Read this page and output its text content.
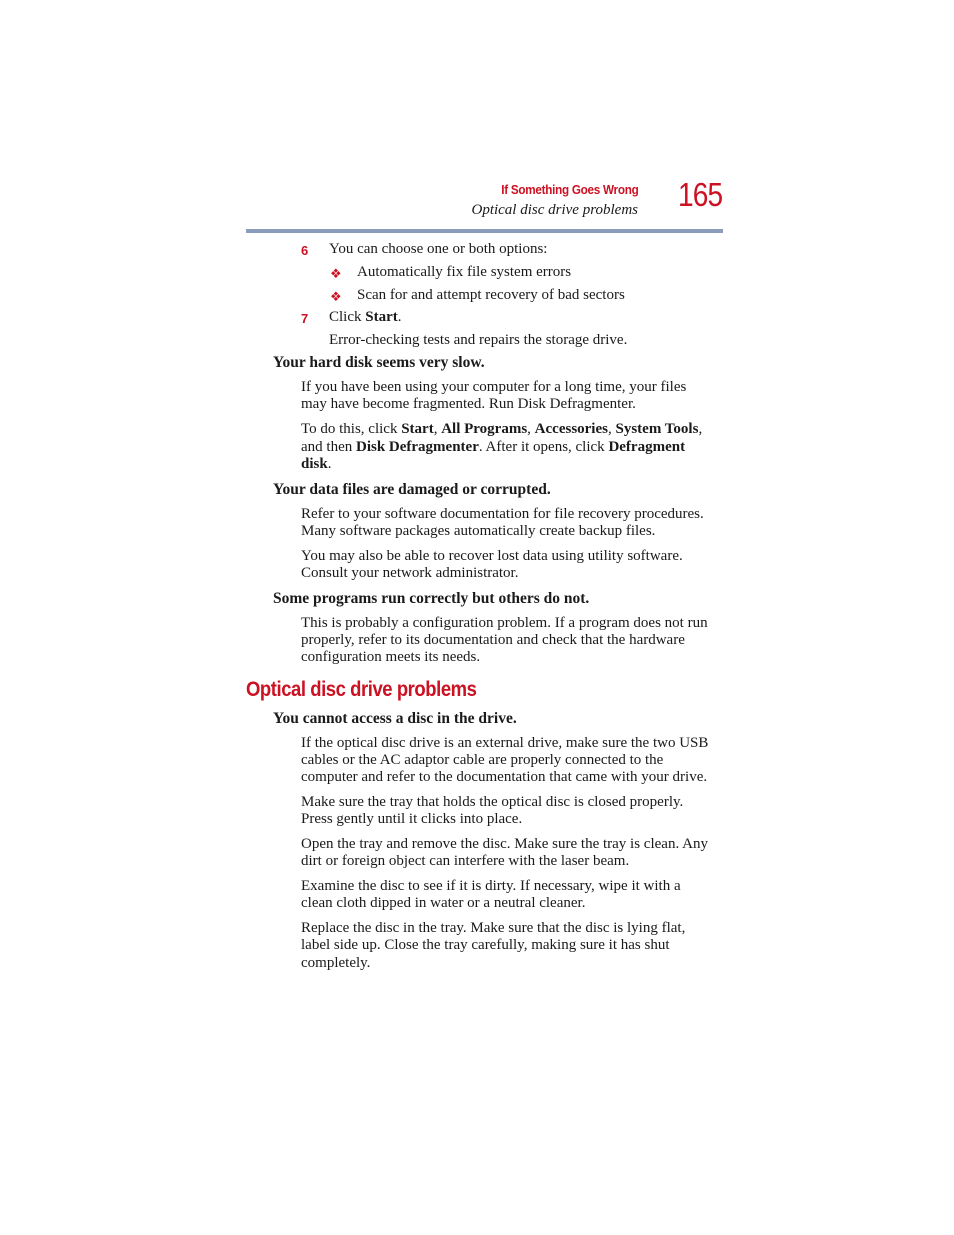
If Something Goes Wrong
Optical disc drive problems 165
6 You can choose one or both options:
❖ Automatically fix file system errors
❖ Scan for and attempt recovery of bad sectors
7 Click Start.
Error-checking tests and repairs the storage drive.
Your hard disk seems very slow.
If you have been using your computer for a long time, your files
may have become fragmented. Run Disk Defragmenter.
To do this, click Start, All Programs, Accessories, System Tools,
and then Disk Defragmenter. After it opens, click Defragment
disk.
Your data files are damaged or corrupted.
Refer to your software documentation for file recovery procedures.
Many software packages automatically create backup files.
You may also be able to recover lost data using utility software.
Consult your network administrator.
Some programs run correctly but others do not.
This is probably a configuration problem. If a program does not run
properly, refer to its documentation and check that the hardware
configuration meets its needs.
Optical disc drive problems
You cannot access a disc in the drive.
If the optical disc drive is an external drive, make sure the two USB
cables or the AC adaptor cable are properly connected to the
computer and refer to the documentation that came with your drive.
Make sure the tray that holds the optical disc is closed properly.
Press gently until it clicks into place.
Open the tray and remove the disc. Make sure the tray is clean. Any
dirt or foreign object can interfere with the laser beam.
Examine the disc to see if it is dirty. If necessary, wipe it with a
clean cloth dipped in water or a neutral cleaner.
Replace the disc in the tray. Make sure that the disc is lying flat,
label side up. Close the tray carefully, making sure it has shut
completely.
